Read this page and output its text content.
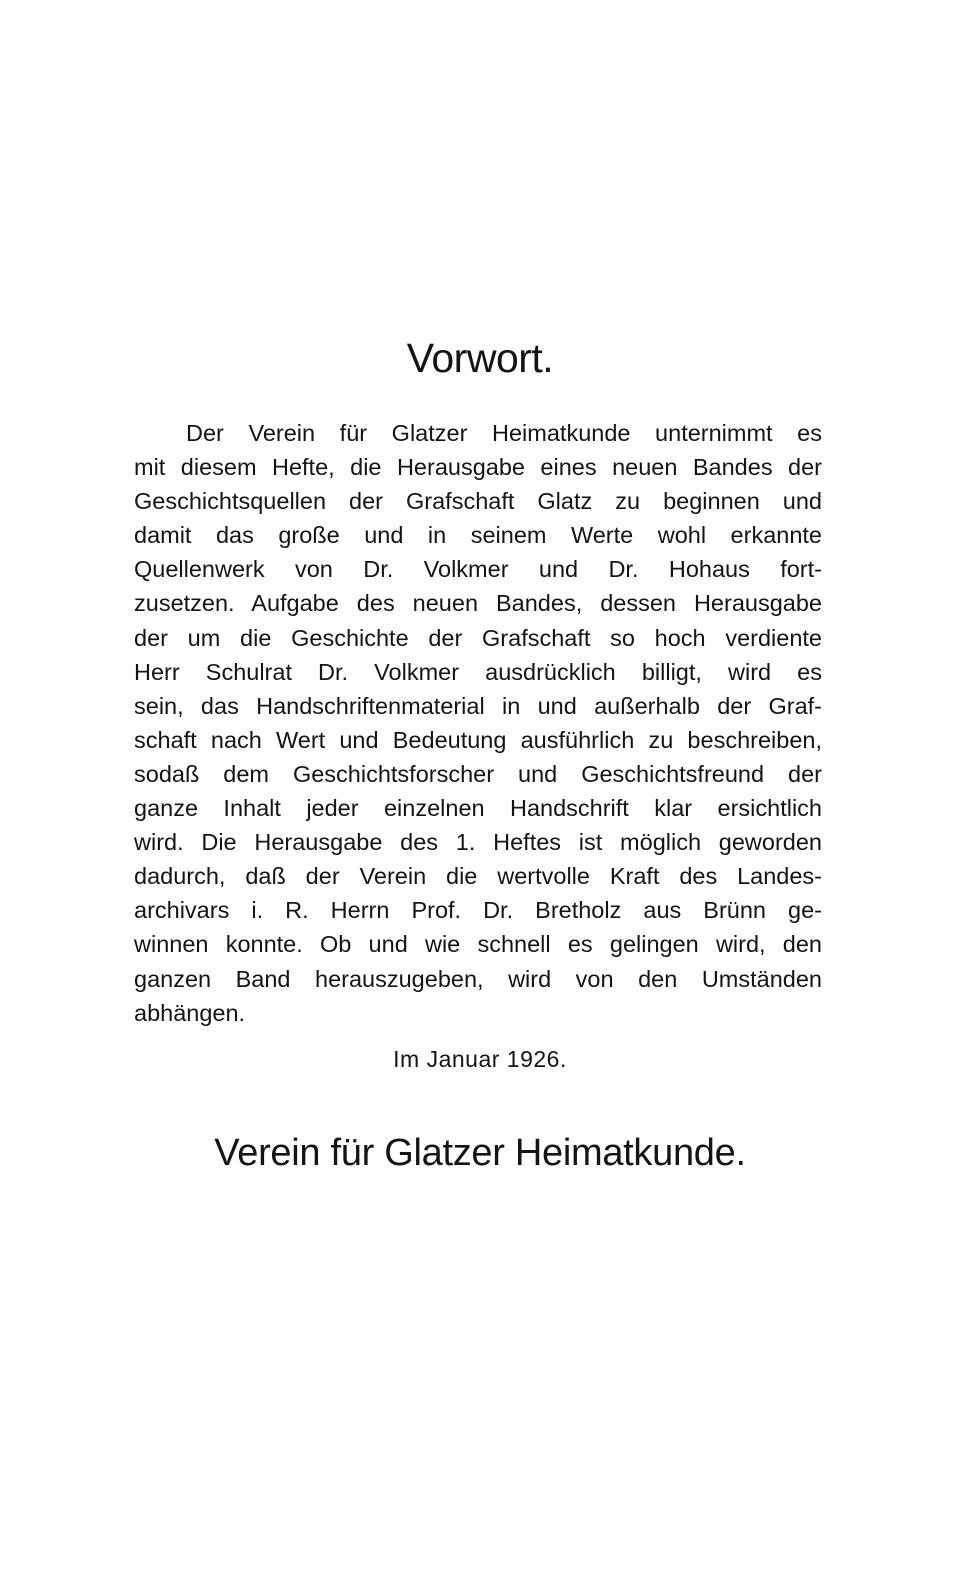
Vorwort.
Der Verein für Glatzer Heimatkunde unternimmt es
mit diesem Hefte, die Herausgabe eines neuen Bandes der
Geschichtsquellen der Grafschaft Glatz zu beginnen und
damit das große und in seinem Werte wohl erkannte
Quellenwerk von Dr. Volkmer und Dr. Hohaus fort-
zusetzen. Aufgabe des neuen Bandes, dessen Herausgabe
der um die Geschichte der Grafschaft so hoch verdiente
Herr Schulrat Dr. Volkmer ausdrücklich billigt, wird es
sein, das Handschriftenmaterial in und außerhalb der Graf-
schaft nach Wert und Bedeutung ausführlich zu beschreiben,
sodaß dem Geschichtsforscher und Geschichtsfreund der
ganze Inhalt jeder einzelnen Handschrift klar ersichtlich
wird. Die Herausgabe des 1. Heftes ist möglich geworden
dadurch, daß der Verein die wertvolle Kraft des Landes-
archivars i. R. Herrn Prof. Dr. Bretholz aus Brünn ge-
winnen konnte. Ob und wie schnell es gelingen wird, den
ganzen Band herauszugeben, wird von den Umständen
abhängen.
Im Januar 1926.
Verein für Glatzer Heimatkunde.
